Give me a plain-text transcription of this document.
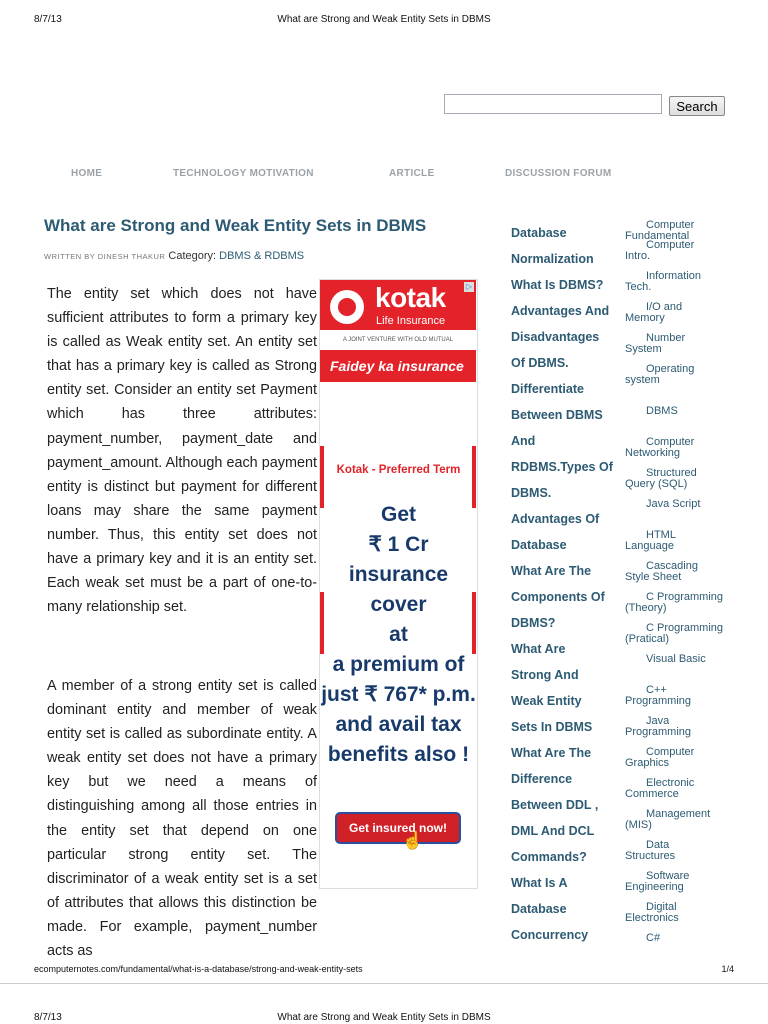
8/7/13	What are Strong and Weak Entity Sets in DBMS
Search
HOME	TECHNOLOGY MOTIVATION	ARTICLE	DISCUSSION FORUM
What are Strong and Weak Entity Sets in DBMS
WRITTEN BY DINESH THAKUR Category: DBMS & RDBMS

The entity set which does not have sufficient attributes to form a primary key is called as Weak entity set. An entity set that has a primary key is called as Strong entity set. Consider an entity set Payment which has three attributes: payment_number, payment_date and payment_amount. Although each payment entity is distinct but payment for different loans may share the same payment number. Thus, this entity set does not have a primary key and it is an entity set. Each weak set must be a part of one-to-many relationship set.

A member of a strong entity set is called dominant entity and member of weak entity set is called as subordinate entity. A weak entity set does not have a primary key but we need a means of distinguishing among all those entries in the entity set that depend on one particular strong entity set. The discriminator of a weak entity set is a set of attributes that allows this distinction be made. For example, payment_number acts as

kotak
Life Insurance
A JOINT VENTURE WITH OLD MUTUAL
Faidey ka insurance
▷
Kotak - Preferred Term
Get
₹ 1 Cr
insurance cover
at
a premium of
just ₹ 767* p.m.
and avail tax
benefits also !
Get insured now!
☝
Database
Normalization
What Is DBMS?
Advantages And
Disadvantages
Of DBMS.
Differentiate
Between DBMS
And
RDBMS.Types Of
DBMS.
Advantages Of
Database
What Are The
Components Of
DBMS?
What Are
Strong And
Weak Entity
Sets In DBMS
What Are The
Difference
Between DDL ,
DML And DCL
Commands?
What Is A
Database
Concurrency
Computer
Fundamental
Computer
Intro.
Information
Tech.
I/O and
Memory
Number
System
Operating
system
DBMS
Computer
Networking
Structured
Query (SQL)
Java Script
HTML
Language
Cascading
Style Sheet
C Programming
(Theory)
C Programming
(Pratical)
Visual Basic
C++
Programming
Java
Programming
Computer
Graphics
Electronic
Commerce
Management
(MIS)
Data
Structures
Software
Engineering
Digital
Electronics
C#
ecomputernotes.com/fundamental/what-is-a-database/strong-and-weak-entity-sets	1/4
8/7/13	What are Strong and Weak Entity Sets in DBMS
